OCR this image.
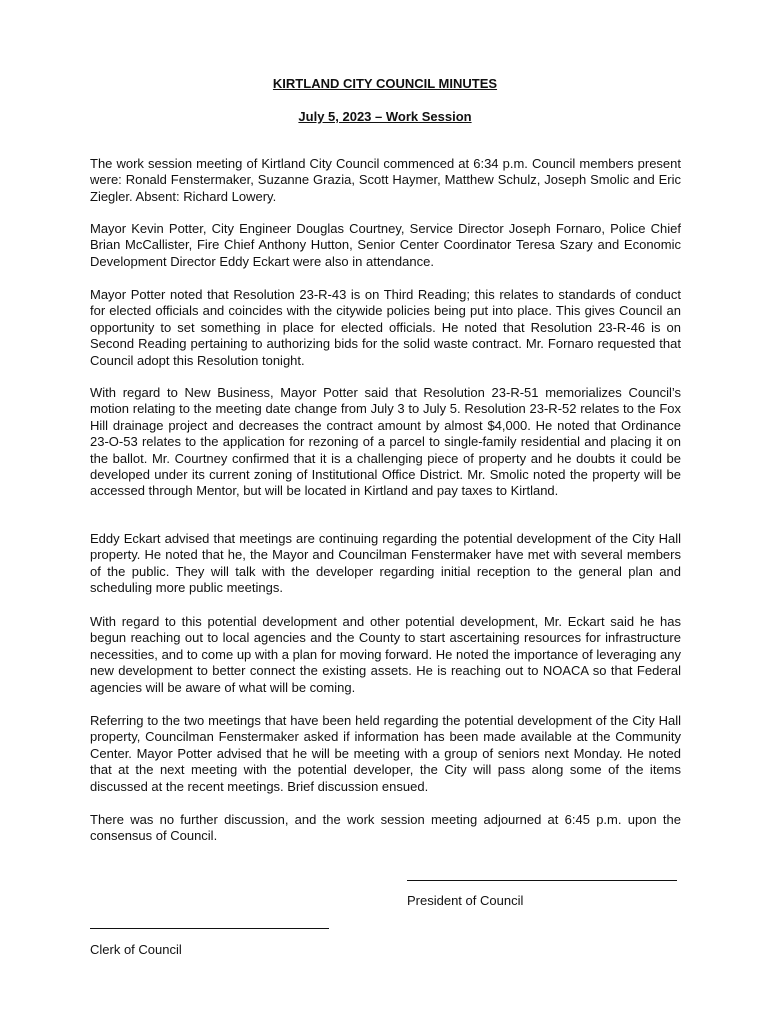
KIRTLAND CITY COUNCIL MINUTES
July 5, 2023 – Work Session

The work session meeting of Kirtland City Council commenced at 6:34 p.m. Council members present were: Ronald Fenstermaker, Suzanne Grazia, Scott Haymer, Matthew Schulz, Joseph Smolic and Eric Ziegler. Absent: Richard Lowery.

Mayor Kevin Potter, City Engineer Douglas Courtney, Service Director Joseph Fornaro, Police Chief Brian McCallister, Fire Chief Anthony Hutton, Senior Center Coordinator Teresa Szary and Economic Development Director Eddy Eckart were also in attendance.

Mayor Potter noted that Resolution 23-R-43 is on Third Reading; this relates to standards of conduct for elected officials and coincides with the citywide policies being put into place. This gives Council an opportunity to set something in place for elected officials. He noted that Resolution 23-R-46 is on Second Reading pertaining to authorizing bids for the solid waste contract. Mr. Fornaro requested that Council adopt this Resolution tonight.

With regard to New Business, Mayor Potter said that Resolution 23-R-51 memorializes Council’s motion relating to the meeting date change from July 3 to July 5. Resolution 23-R-52 relates to the Fox Hill drainage project and decreases the contract amount by almost $4,000. He noted that Ordinance 23-O-53 relates to the application for rezoning of a parcel to single-family residential and placing it on the ballot. Mr. Courtney confirmed that it is a challenging piece of property and he doubts it could be developed under its current zoning of Institutional Office District. Mr. Smolic noted the property will be accessed through Mentor, but will be located in Kirtland and pay taxes to Kirtland.

Eddy Eckart advised that meetings are continuing regarding the potential development of the City Hall property. He noted that he, the Mayor and Councilman Fenstermaker have met with several members of the public. They will talk with the developer regarding initial reception to the general plan and scheduling more public meetings.

With regard to this potential development and other potential development, Mr. Eckart said he has begun reaching out to local agencies and the County to start ascertaining resources for infrastructure necessities, and to come up with a plan for moving forward. He noted the importance of leveraging any new development to better connect the existing assets. He is reaching out to NOACA so that Federal agencies will be aware of what will be coming.

Referring to the two meetings that have been held regarding the potential development of the City Hall property, Councilman Fenstermaker asked if information has been made available at the Community Center. Mayor Potter advised that he will be meeting with a group of seniors next Monday. He noted that at the next meeting with the potential developer, the City will pass along some of the items discussed at the recent meetings. Brief discussion ensued.

There was no further discussion, and the work session meeting adjourned at 6:45 p.m. upon the consensus of Council.

President of Council
Clerk of Council
